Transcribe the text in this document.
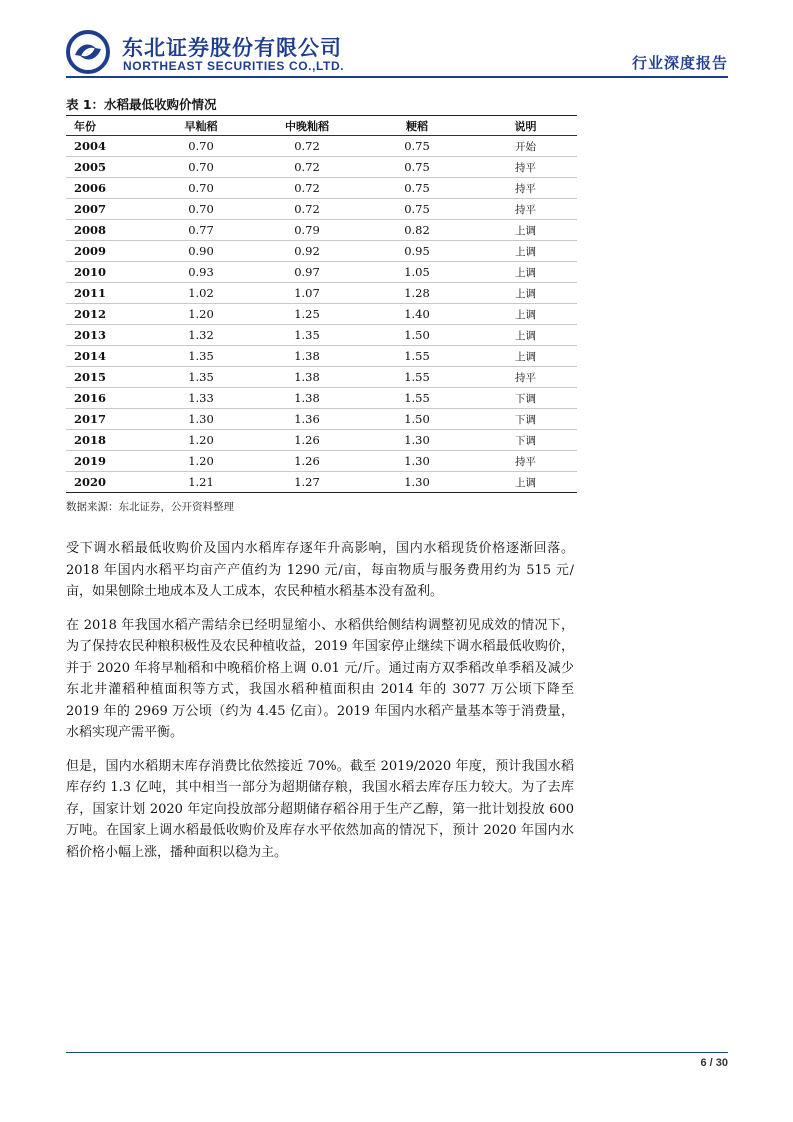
东北证券股份有限公司
NORTHEAST SECURITIES CO.,LTD.	行业深度报告
表 1：水稻最低收购价情况
年份	早籼稻	中晚籼稻	粳稻	说明
2004	0.70	0.72	0.75	开始
2005	0.70	0.72	0.75	持平
2006	0.70	0.72	0.75	持平
2007	0.70	0.72	0.75	持平
2008	0.77	0.79	0.82	上调
2009	0.90	0.92	0.95	上调
2010	0.93	0.97	1.05	上调
2011	1.02	1.07	1.28	上调
2012	1.20	1.25	1.40	上调
2013	1.32	1.35	1.50	上调
2014	1.35	1.38	1.55	上调
2015	1.35	1.38	1.55	持平
2016	1.33	1.38	1.55	下调
2017	1.30	1.36	1.50	下调
2018	1.20	1.26	1.30	下调
2019	1.20	1.26	1.30	持平
2020	1.21	1.27	1.30	上调
数据来源：东北证券，公开资料整理

受下调水稻最低收购价及国内水稻库存逐年升高影响，国内水稻现货价格逐渐回落。2018 年国内水稻平均亩产产值约为 1290 元/亩，每亩物质与服务费用约为 515 元/亩，如果刨除土地成本及人工成本，农民种植水稻基本没有盈利。

在 2018 年我国水稻产需结余已经明显缩小、水稻供给侧结构调整初见成效的情况下，为了保持农民种粮积极性及农民种植收益，2019 年国家停止继续下调水稻最低收购价，并于 2020 年将早籼稻和中晚稻价格上调 0.01 元/斤。通过南方双季稻改单季稻及减少东北井灌稻种植面积等方式，我国水稻种植面积由 2014 年的 3077 万公顷下降至 2019 年的 2969 万公顷（约为 4.45 亿亩）。2019 年国内水稻产量基本等于消费量，水稻实现产需平衡。

但是，国内水稻期末库存消费比依然接近 70%。截至 2019/2020 年度，预计我国水稻库存约 1.3 亿吨，其中相当一部分为超期储存粮，我国水稻去库存压力较大。为了去库存，国家计划 2020 年定向投放部分超期储存稻谷用于生产乙醇，第一批计划投放 600 万吨。在国家上调水稻最低收购价及库存水平依然加高的情况下，预计 2020 年国内水稻价格小幅上涨，播种面积以稳为主。

6 / 30
